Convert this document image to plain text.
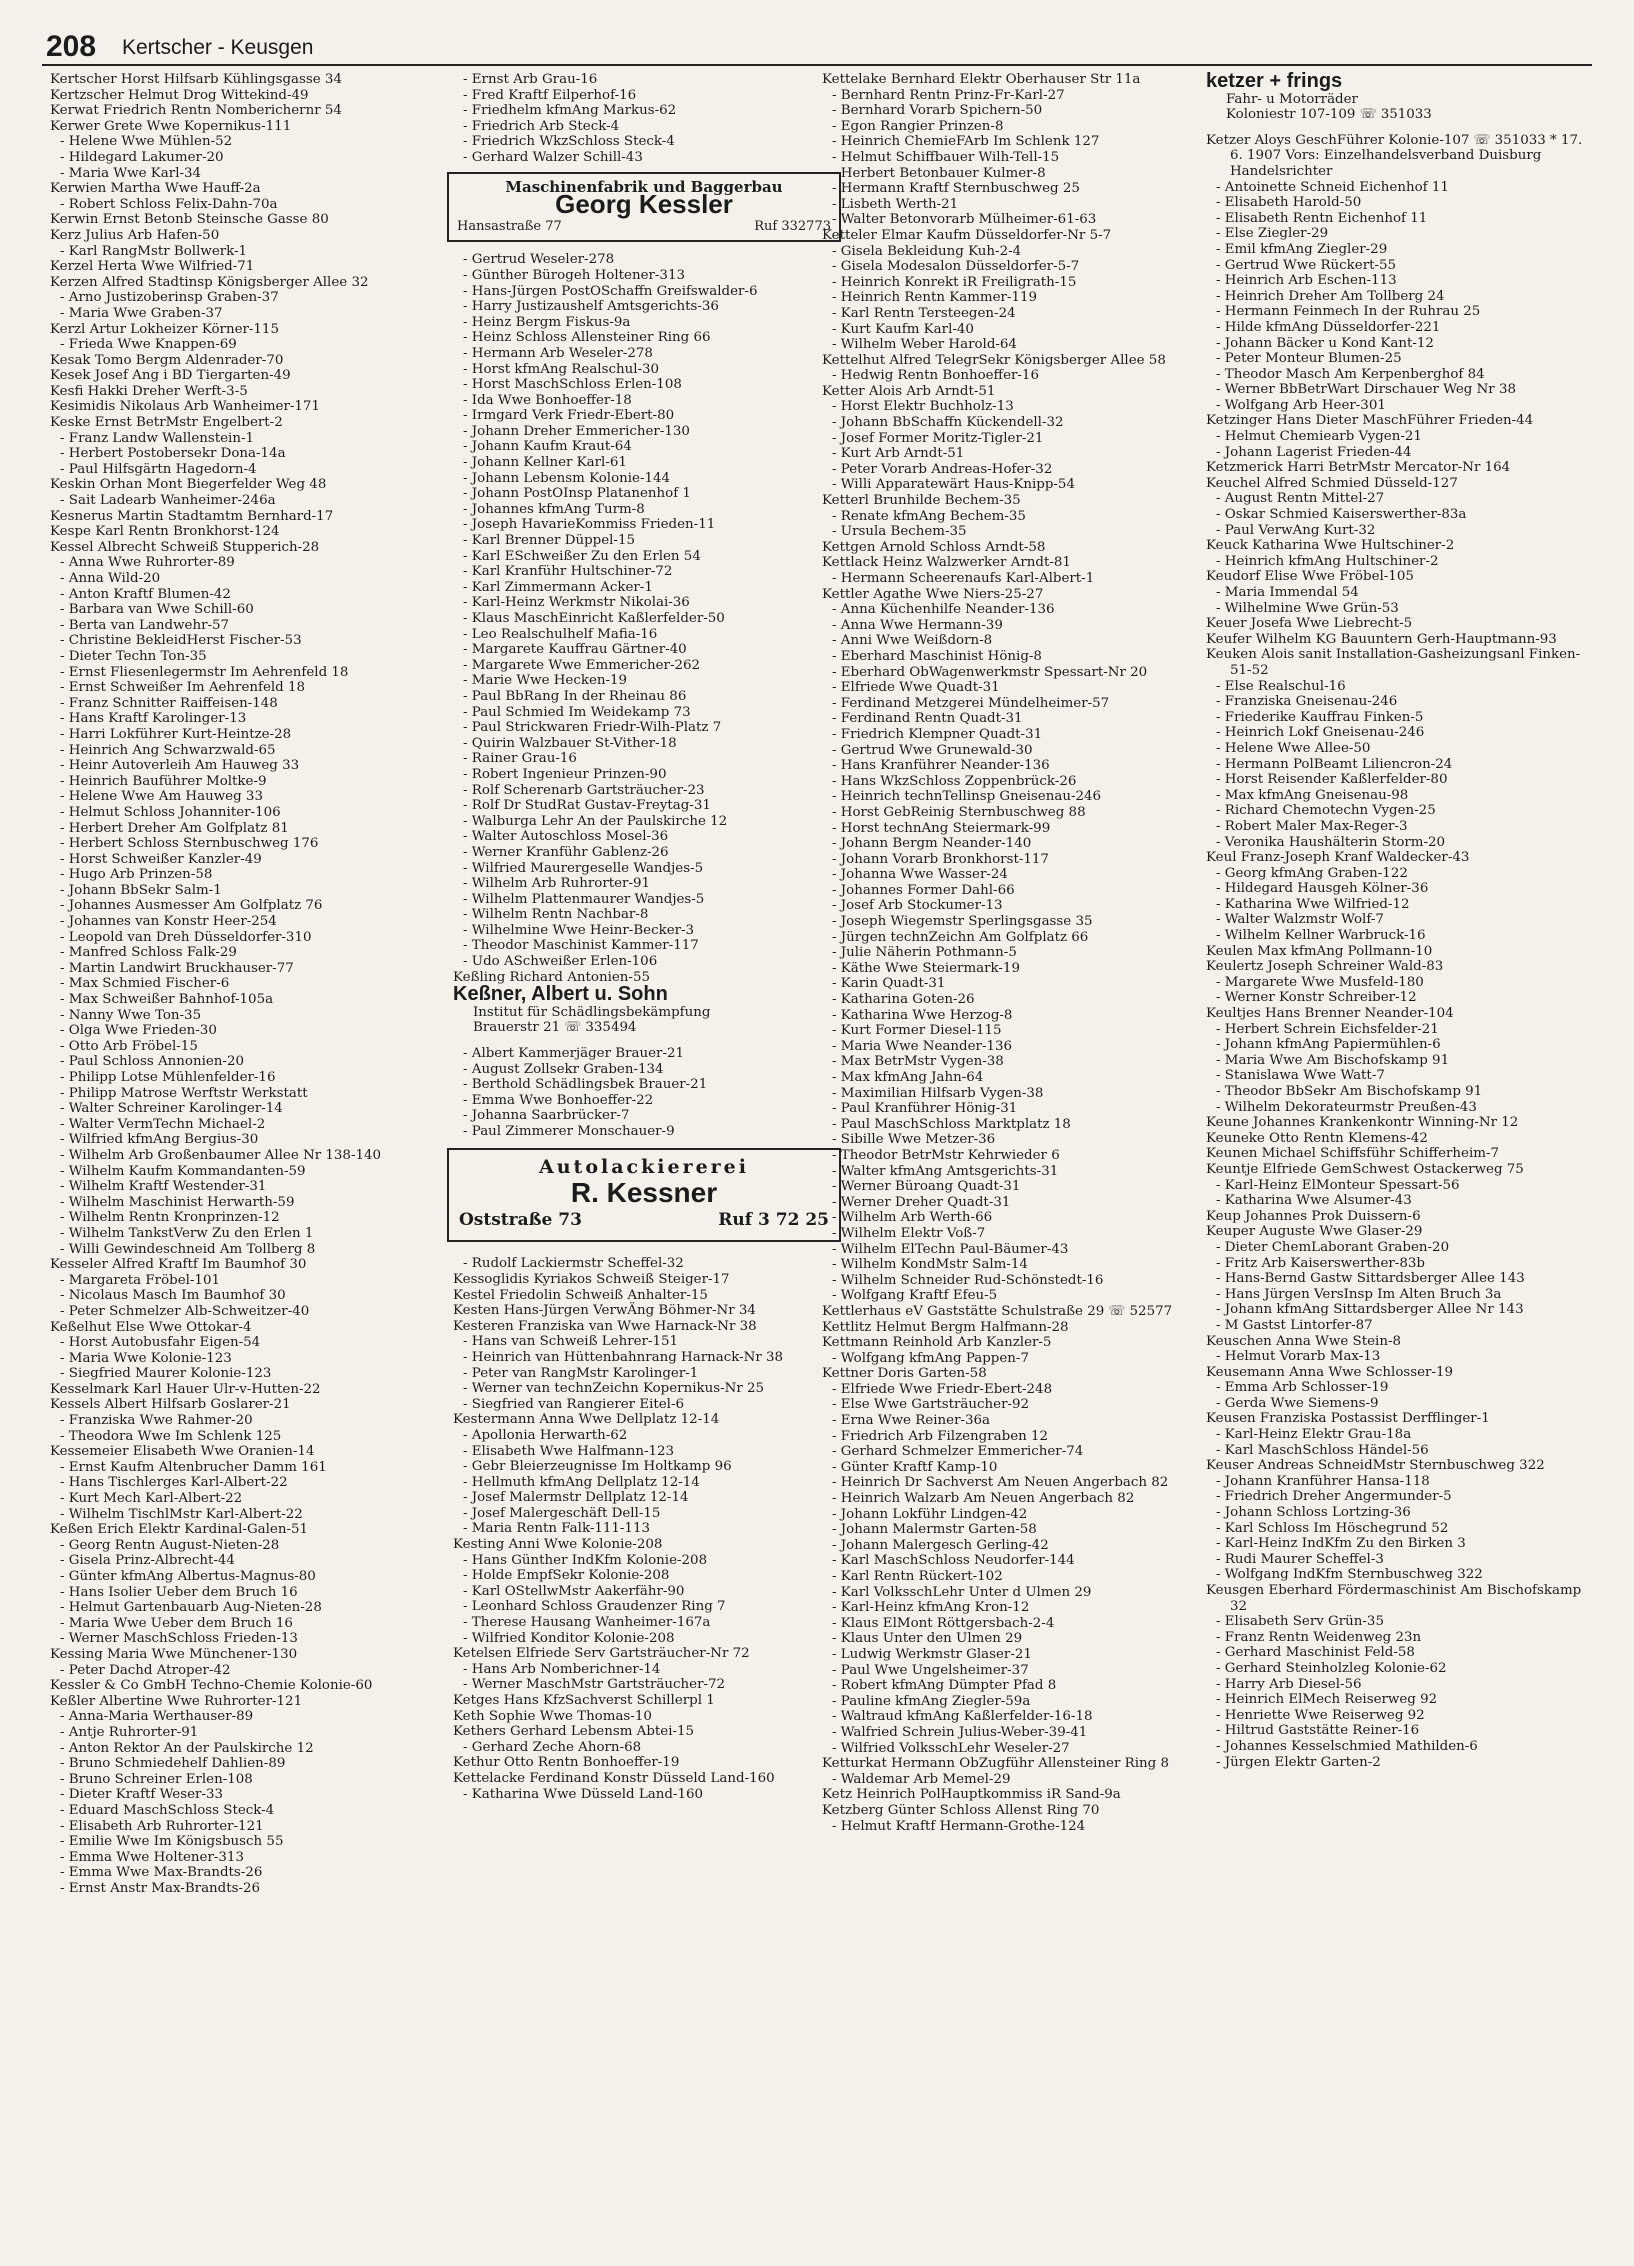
208 Kertscher - Keusgen

Kertscher Horst Hilfsarb Kühlingsgasse 34

Kertzscher Helmut Drog Wittekind-49

Kerwat Friedrich Rentn Nomberichernr 54

Kerwer Grete Wwe Kopernikus-111

- Helene Wwe Mühlen-52

- Hildegard Lakumer-20

- Maria Wwe Karl-34

Kerwien Martha Wwe Hauff-2a

- Robert Schloss Felix-Dahn-70a

Kerwin Ernst Betonb Steinsche Gasse 80

Kerz Julius Arb Hafen-50

- Karl RangMstr Bollwerk-1

Kerzel Herta Wwe Wilfried-71

Kerzen Alfred Stadtinsp Königsberger Allee 32

- Arno Justizoberinsp Graben-37

- Maria Wwe Graben-37

Kerzl Artur Lokheizer Körner-115

- Frieda Wwe Knappen-69

Kesak Tomo Bergm Aldenrader-70

Kesek Josef Ang i BD Tiergarten-49

Kesfi Hakki Dreher Werft-3-5

Kesimidis Nikolaus Arb Wanheimer-171

Keske Ernst BetrMstr Engelbert-2

- Franz Landw Wallenstein-1

- Herbert Postobersekr Dona-14a

- Paul Hilfsgärtn Hagedorn-4

Keskin Orhan Mont Biegerfelder Weg 48

- Sait Ladearb Wanheimer-246a

Kesnerus Martin Stadtamtm Bernhard-17

Kespe Karl Rentn Bronkhorst-124

Kessel Albrecht Schweiß Stupperich-28

- Anna Wwe Ruhrorter-89

- Anna Wild-20

- Anton Kraftf Blumen-42

- Barbara van Wwe Schill-60

- Berta van Landwehr-57

- Christine BekleidHerst Fischer-53

- Dieter Techn Ton-35

- Ernst Fliesenlegermstr Im Aehrenfeld 18

- Ernst Schweißer Im Aehrenfeld 18

- Franz Schnitter Raiffeisen-148

- Hans Kraftf Karolinger-13

- Harri Lokführer Kurt-Heintze-28

- Heinrich Ang Schwarzwald-65

- Heinr Autoverleih Am Hauweg 33

- Heinrich Bauführer Moltke-9

- Helene Wwe Am Hauweg 33

- Helmut Schloss Johanniter-106

- Herbert Dreher Am Golfplatz 81

- Herbert Schloss Sternbuschweg 176

- Horst Schweißer Kanzler-49

- Hugo Arb Prinzen-58

- Johann BbSekr Salm-1

- Johannes Ausmesser Am Golfplatz 76

- Johannes van Konstr Heer-254

- Leopold van Dreh Düsseldorfer-310

- Manfred Schloss Falk-29

- Martin Landwirt Bruckhauser-77

- Max Schmied Fischer-6

- Max Schweißer Bahnhof-105a

- Nanny Wwe Ton-35

- Olga Wwe Frieden-30

- Otto Arb Fröbel-15

- Paul Schloss Annonien-20

- Philipp Lotse Mühlenfelder-16

- Philipp Matrose Werftstr Werkstatt

- Walter Schreiner Karolinger-14

- Walter VermTechn Michael-2

- Wilfried kfmAng Bergius-30

- Wilhelm Arb Großenbaumer Allee Nr 138-140

- Wilhelm Kaufm Kommandanten-59

- Wilhelm Kraftf Westender-31

- Wilhelm Maschinist Herwarth-59

- Wilhelm Rentn Kronprinzen-12

- Wilhelm TankstVerw Zu den Erlen 1

- Willi Gewindeschneid Am Tollberg 8

Kesseler Alfred Kraftf Im Baumhof 30

- Margareta Fröbel-101

- Nicolaus Masch Im Baumhof 30

- Peter Schmelzer Alb-Schweitzer-40

Keßelhut Else Wwe Ottokar-4

- Horst Autobusfahr Eigen-54

- Maria Wwe Kolonie-123

- Siegfried Maurer Kolonie-123

Kesselmark Karl Hauer Ulr-v-Hutten-22

Kessels Albert Hilfsarb Goslarer-21

- Franziska Wwe Rahmer-20

- Theodora Wwe Im Schlenk 125

Kessemeier Elisabeth Wwe Oranien-14

- Ernst Kaufm Altenbrucher Damm 161

- Hans Tischlerges Karl-Albert-22

- Kurt Mech Karl-Albert-22

- Wilhelm TischlMstr Karl-Albert-22

Keßen Erich Elektr Kardinal-Galen-51

- Georg Rentn August-Nieten-28

- Gisela Prinz-Albrecht-44

- Günter kfmAng Albertus-Magnus-80

- Hans Isolier Ueber dem Bruch 16

- Helmut Gartenbauarb Aug-Nieten-28

- Maria Wwe Ueber dem Bruch 16

- Werner MaschSchloss Frieden-13

Kessing Maria Wwe Münchener-130

- Peter Dachd Atroper-42

Kessler & Co GmbH Techno-Chemie Kolonie-60

Keßler Albertine Wwe Ruhrorter-121

- Anna-Maria Werthauser-89

- Antje Ruhrorter-91

- Anton Rektor An der Paulskirche 12

- Bruno Schmiedehelf Dahlien-89

- Bruno Schreiner Erlen-108

- Dieter Kraftf Weser-33

- Eduard MaschSchloss Steck-4

- Elisabeth Arb Ruhrorter-121

- Emilie Wwe Im Königsbusch 55

- Emma Wwe Holtener-313

- Emma Wwe Max-Brandts-26

- Ernst Anstr Max-Brandts-26

- Ernst Arb Grau-16

- Fred Kraftf Eilperhof-16

- Friedhelm kfmAng Markus-62

- Friedrich Arb Steck-4

- Friedrich WkzSchloss Steck-4

- Gerhard Walzer Schill-43

Maschinenfabrik und Baggerbau
Georg Kessler
Hansastraße 77	Ruf 332773

- Gertrud Weseler-278

- Günther Bürogeh Holtener-313

- Hans-Jürgen PostOSchaffn Greifswalder-6

- Harry Justizaushelf Amtsgerichts-36

- Heinz Bergm Fiskus-9a

- Heinz Schloss Allensteiner Ring 66

- Hermann Arb Weseler-278

- Horst kfmAng Realschul-30

- Horst MaschSchloss Erlen-108

- Ida Wwe Bonhoeffer-18

- Irmgard Verk Friedr-Ebert-80

- Johann Dreher Emmericher-130

- Johann Kaufm Kraut-64

- Johann Kellner Karl-61

- Johann Lebensm Kolonie-144

- Johann PostOInsp Platanenhof 1

- Johannes kfmAng Turm-8

- Joseph HavarieKommiss Frieden-11

- Karl Brenner Düppel-15

- Karl ESchweißer Zu den Erlen 54

- Karl Kranführ Hultschiner-72

- Karl Zimmermann Acker-1

- Karl-Heinz Werkmstr Nikolai-36

- Klaus MaschEinricht Kaßlerfelder-50

- Leo Realschulhelf Mafia-16

- Margarete Kauffrau Gärtner-40

- Margarete Wwe Emmericher-262

- Marie Wwe Hecken-19

- Paul BbRang In der Rheinau 86

- Paul Schmied Im Weidekamp 73

- Paul Strickwaren Friedr-Wilh-Platz 7

- Quirin Walzbauer St-Vither-18

- Rainer Grau-16

- Robert Ingenieur Prinzen-90

- Rolf Scherenarb Gartsträucher-23

- Rolf Dr StudRat Gustav-Freytag-31

- Walburga Lehr An der Paulskirche 12

- Walter Autoschloss Mosel-36

- Werner Kranführ Gablenz-26

- Wilfried Maurergeselle Wandjes-5

- Wilhelm Arb Ruhrorter-91

- Wilhelm Plattenmaurer Wandjes-5

- Wilhelm Rentn Nachbar-8

- Wilhelmine Wwe Heinr-Becker-3

- Theodor Maschinist Kammer-117

- Udo ASchweißer Erlen-106

Keßling Richard Antonien-55

Keßner, Albert u. Sohn
Institut für Schädlingsbekämpfung
Brauerstr 21 ☏ 335494

- Albert Kammerjäger Brauer-21

- August Zollsekr Graben-134

- Berthold Schädlingsbek Brauer-21

- Emma Wwe Bonhoeffer-22

- Johanna Saarbrücker-7

- Paul Zimmerer Monschauer-9

Autolackiererei
R. Kessner
Oststraße 73	Ruf 3 72 25

- Rudolf Lackiermstr Scheffel-32

Kessoglidis Kyriakos Schweiß Steiger-17

Kestel Friedolin Schweiß Anhalter-15

Kesten Hans-Jürgen VerwÄng Böhmer-Nr 34

Kesteren Franziska van Wwe Harnack-Nr 38

- Hans van Schweiß Lehrer-151

- Heinrich van Hüttenbahnrang Harnack-Nr 38

- Peter van RangMstr Karolinger-1

- Werner van technZeichn Kopernikus-Nr 25

- Siegfried van Rangierer Eitel-6

Kestermann Anna Wwe Dellplatz 12-14

- Apollonia Herwarth-62

- Elisabeth Wwe Halfmann-123

- Gebr Bleierzeugnisse Im Holtkamp 96

- Hellmuth kfmAng Dellplatz 12-14

- Josef Malermstr Dellplatz 12-14

- Josef Malergeschäft Dell-15

- Maria Rentn Falk-111-113

Kesting Anni Wwe Kolonie-208

- Hans Günther IndKfm Kolonie-208

- Holde EmpfSekr Kolonie-208

- Karl OStellwMstr Aakerfähr-90

- Leonhard Schloss Graudenzer Ring 7

- Therese Hausang Wanheimer-167a

- Wilfried Konditor Kolonie-208

Ketelsen Elfriede Serv Gartsträucher-Nr 72

- Hans Arb Nomberichner-14

- Werner MaschMstr Gartsträucher-72

Ketges Hans KfzSachverst Schillerpl 1

Keth Sophie Wwe Thomas-10

Kethers Gerhard Lebensm Abtei-15

- Gerhard Zeche Ahorn-68

Kethur Otto Rentn Bonhoeffer-19

Kettelacke Ferdinand Konstr Düsseld Land-160

- Katharina Wwe Düsseld Land-160

Kettelake Bernhard Elektr Oberhauser Str 11a

- Bernhard Rentn Prinz-Fr-Karl-27

- Bernhard Vorarb Spichern-50

- Egon Rangier Prinzen-8

- Heinrich ChemieFArb Im Schlenk 127

- Helmut Schiffbauer Wilh-Tell-15

- Herbert Betonbauer Kulmer-8

- Hermann Kraftf Sternbuschweg 25

- Lisbeth Werth-21

- Walter Betonvorarb Mülheimer-61-63

Ketteler Elmar Kaufm Düsseldorfer-Nr 5-7

- Gisela Bekleidung Kuh-2-4

- Gisela Modesalon Düsseldorfer-5-7

- Heinrich Konrekt iR Freiligrath-15

- Heinrich Rentn Kammer-119

- Karl Rentn Tersteegen-24

- Kurt Kaufm Karl-40

- Wilhelm Weber Harold-64

Kettelhut Alfred TelegrSekr Königsberger Allee 58

- Hedwig Rentn Bonhoeffer-16

Ketter Alois Arb Arndt-51

- Horst Elektr Buchholz-13

- Johann BbSchaffn Kückendell-32

- Josef Former Moritz-Tigler-21

- Kurt Arb Arndt-51

- Peter Vorarb Andreas-Hofer-32

- Willi Apparatewärt Haus-Knipp-54

Ketterl Brunhilde Bechem-35

- Renate kfmAng Bechem-35

- Ursula Bechem-35

Kettgen Arnold Schloss Arndt-58

Kettlack Heinz Walzwerker Arndt-81

- Hermann Scheerenaufs Karl-Albert-1

Kettler Agathe Wwe Niers-25-27

- Anna Küchenhilfe Neander-136

- Anna Wwe Hermann-39

- Anni Wwe Weißdorn-8

- Eberhard Maschinist Hönig-8

- Eberhard ObWagenwerkmstr Spessart-Nr 20

- Elfriede Wwe Quadt-31

- Ferdinand Metzgerei Mündelheimer-57

- Ferdinand Rentn Quadt-31

- Friedrich Klempner Quadt-31

- Gertrud Wwe Grunewald-30

- Hans Kranführer Neander-136

- Hans WkzSchloss Zoppenbrück-26

- Heinrich technTellinsp Gneisenau-246

- Horst GebReinig Sternbuschweg 88

- Horst technAng Steiermark-99

- Johann Bergm Neander-140

- Johann Vorarb Bronkhorst-117

- Johanna Wwe Wasser-24

- Johannes Former Dahl-66

- Josef Arb Stockumer-13

- Joseph Wiegemstr Sperlingsgasse 35

- Jürgen technZeichn Am Golfplatz 66

- Julie Näherin Pothmann-5

- Käthe Wwe Steiermark-19

- Karin Quadt-31

- Katharina Goten-26

- Katharina Wwe Herzog-8

- Kurt Former Diesel-115

- Maria Wwe Neander-136

- Max BetrMstr Vygen-38

- Max kfmAng Jahn-64

- Maximilian Hilfsarb Vygen-38

- Paul Kranführer Hönig-31

- Paul MaschSchloss Marktplatz 18

- Sibille Wwe Metzer-36

- Theodor BetrMstr Kehrwieder 6

- Walter kfmAng Amtsgerichts-31

- Werner Büroang Quadt-31

- Werner Dreher Quadt-31

- Wilhelm Arb Werth-66

- Wilhelm Elektr Voß-7

- Wilhelm ElTechn Paul-Bäumer-43

- Wilhelm KondMstr Salm-14

- Wilhelm Schneider Rud-Schönstedt-16

- Wolfgang Kraftf Efeu-5

Kettlerhaus eV Gaststätte Schulstraße 29 ☏ 52577

Kettlitz Helmut Bergm Halfmann-28

Kettmann Reinhold Arb Kanzler-5

- Wolfgang kfmAng Pappen-7

Kettner Doris Garten-58

- Elfriede Wwe Friedr-Ebert-248

- Else Wwe Gartsträucher-92

- Erna Wwe Reiner-36a

- Friedrich Arb Filzengraben 12

- Gerhard Schmelzer Emmericher-74

- Günter Kraftf Kamp-10

- Heinrich Dr Sachverst Am Neuen Angerbach 82

- Heinrich Walzarb Am Neuen Angerbach 82

- Johann Lokführ Lindgen-42

- Johann Malermstr Garten-58

- Johann Malergesch Gerling-42

- Karl MaschSchloss Neudorfer-144

- Karl Rentn Rückert-102

- Karl VolksschLehr Unter d Ulmen 29

- Karl-Heinz kfmAng Kron-12

- Klaus ElMont Röttgersbach-2-4

- Klaus Unter den Ulmen 29

- Ludwig Werkmstr Glaser-21

- Paul Wwe Ungelsheimer-37

- Robert kfmAng Dümpter Pfad 8

- Pauline kfmAng Ziegler-59a

- Waltraud kfmAng Kaßlerfelder-16-18

- Walfried Schrein Julius-Weber-39-41

- Wilfried VolksschLehr Weseler-27

Ketturkat Hermann ObZugführ Allensteiner Ring 8

- Waldemar Arb Memel-29

Ketz Heinrich PolHauptkommiss iR Sand-9a

Ketzberg Günter Schloss Allenst Ring 70

- Helmut Kraftf Hermann-Grothe-124

ketzer + frings
Fahr- u Motorräder
Koloniestr 107-109 ☏ 351033

Ketzer Aloys GeschFührer Kolonie-107 ☏ 351033 * 17. 6. 1907 Vors: Einzelhandelsverband Duisburg Handelsrichter

- Antoinette Schneid Eichenhof 11

- Elisabeth Harold-50

- Elisabeth Rentn Eichenhof 11

- Else Ziegler-29

- Emil kfmAng Ziegler-29

- Gertrud Wwe Rückert-55

- Heinrich Arb Eschen-113

- Heinrich Dreher Am Tollberg 24

- Hermann Feinmech In der Ruhrau 25

- Hilde kfmAng Düsseldorfer-221

- Johann Bäcker u Kond Kant-12

- Peter Monteur Blumen-25

- Theodor Masch Am Kerpenberghof 84

- Werner BbBetrWart Dirschauer Weg Nr 38

- Wolfgang Arb Heer-301

Ketzinger Hans Dieter MaschFührer Frieden-44

- Helmut Chemiearb Vygen-21

- Johann Lagerist Frieden-44

Ketzmerick Harri BetrMstr Mercator-Nr 164

Keuchel Alfred Schmied Düsseld-127

- August Rentn Mittel-27

- Oskar Schmied Kaiserswerther-83a

- Paul VerwAng Kurt-32

Keuck Katharina Wwe Hultschiner-2

- Heinrich kfmAng Hultschiner-2

Keudorf Elise Wwe Fröbel-105

- Maria Immendal 54

- Wilhelmine Wwe Grün-53

Keuer Josefa Wwe Liebrecht-5

Keufer Wilhelm KG Bauuntern Gerh-Hauptmann-93

Keuken Alois sanit Installation-Gasheizungsanl Finken-51-52

- Else Realschul-16

- Franziska Gneisenau-246

- Friederike Kauffrau Finken-5

- Heinrich Lokf Gneisenau-246

- Helene Wwe Allee-50

- Hermann PolBeamt Liliencron-24

- Horst Reisender Kaßlerfelder-80

- Max kfmAng Gneisenau-98

- Richard Chemotechn Vygen-25

- Robert Maler Max-Reger-3

- Veronika Haushälterin Storm-20

Keul Franz-Joseph Kranf Waldecker-43

- Georg kfmAng Graben-122

- Hildegard Hausgeh Kölner-36

- Katharina Wwe Wilfried-12

- Walter Walzmstr Wolf-7

- Wilhelm Kellner Warbruck-16

Keulen Max kfmAng Pollmann-10

Keulertz Joseph Schreiner Wald-83

- Margarete Wwe Musfeld-180

- Werner Konstr Schreiber-12

Keultjes Hans Brenner Neander-104

- Herbert Schrein Eichsfelder-21

- Johann kfmAng Papiermühlen-6

- Maria Wwe Am Bischofskamp 91

- Stanislawa Wwe Watt-7

- Theodor BbSekr Am Bischofskamp 91

- Wilhelm Dekorateurmstr Preußen-43

Keune Johannes Krankenkontr Winning-Nr 12

Keuneke Otto Rentn Klemens-42

Keunen Michael Schiffsführ Schifferheim-7

Keuntje Elfriede GemSchwest Ostackerweg 75

- Karl-Heinz ElMonteur Spessart-56

- Katharina Wwe Alsumer-43

Keup Johannes Prok Duissern-6

Keuper Auguste Wwe Glaser-29

- Dieter ChemLaborant Graben-20

- Fritz Arb Kaiserswerther-83b

- Hans-Bernd Gastw Sittardsberger Allee 143

- Hans Jürgen VersInsp Im Alten Bruch 3a

- Johann kfmAng Sittardsberger Allee Nr 143

- M Gastst Lintorfer-87

Keuschen Anna Wwe Stein-8

- Helmut Vorarb Max-13

Keusemann Anna Wwe Schlosser-19

- Emma Arb Schlosser-19

- Gerda Wwe Siemens-9

Keusen Franziska Postassist Derfflinger-1

- Karl-Heinz Elektr Grau-18a

- Karl MaschSchloss Händel-56

Keuser Andreas SchneidMstr Sternbuschweg 322

- Johann Kranführer Hansa-118

- Friedrich Dreher Angermunder-5

- Johann Schloss Lortzing-36

- Karl Schloss Im Höschegrund 52

- Karl-Heinz IndKfm Zu den Birken 3

- Rudi Maurer Scheffel-3

- Wolfgang IndKfm Sternbuschweg 322

Keusgen Eberhard Fördermaschinist Am Bischofskamp 32

- Elisabeth Serv Grün-35

- Franz Rentn Weidenweg 23n

- Gerhard Maschinist Feld-58

- Gerhard Steinholzleg Kolonie-62

- Harry Arb Diesel-56

- Heinrich ElMech Reiserweg 92

- Henriette Wwe Reiserweg 92

- Hiltrud Gaststätte Reiner-16

- Johannes Kesselschmied Mathilden-6

- Jürgen Elektr Garten-2
